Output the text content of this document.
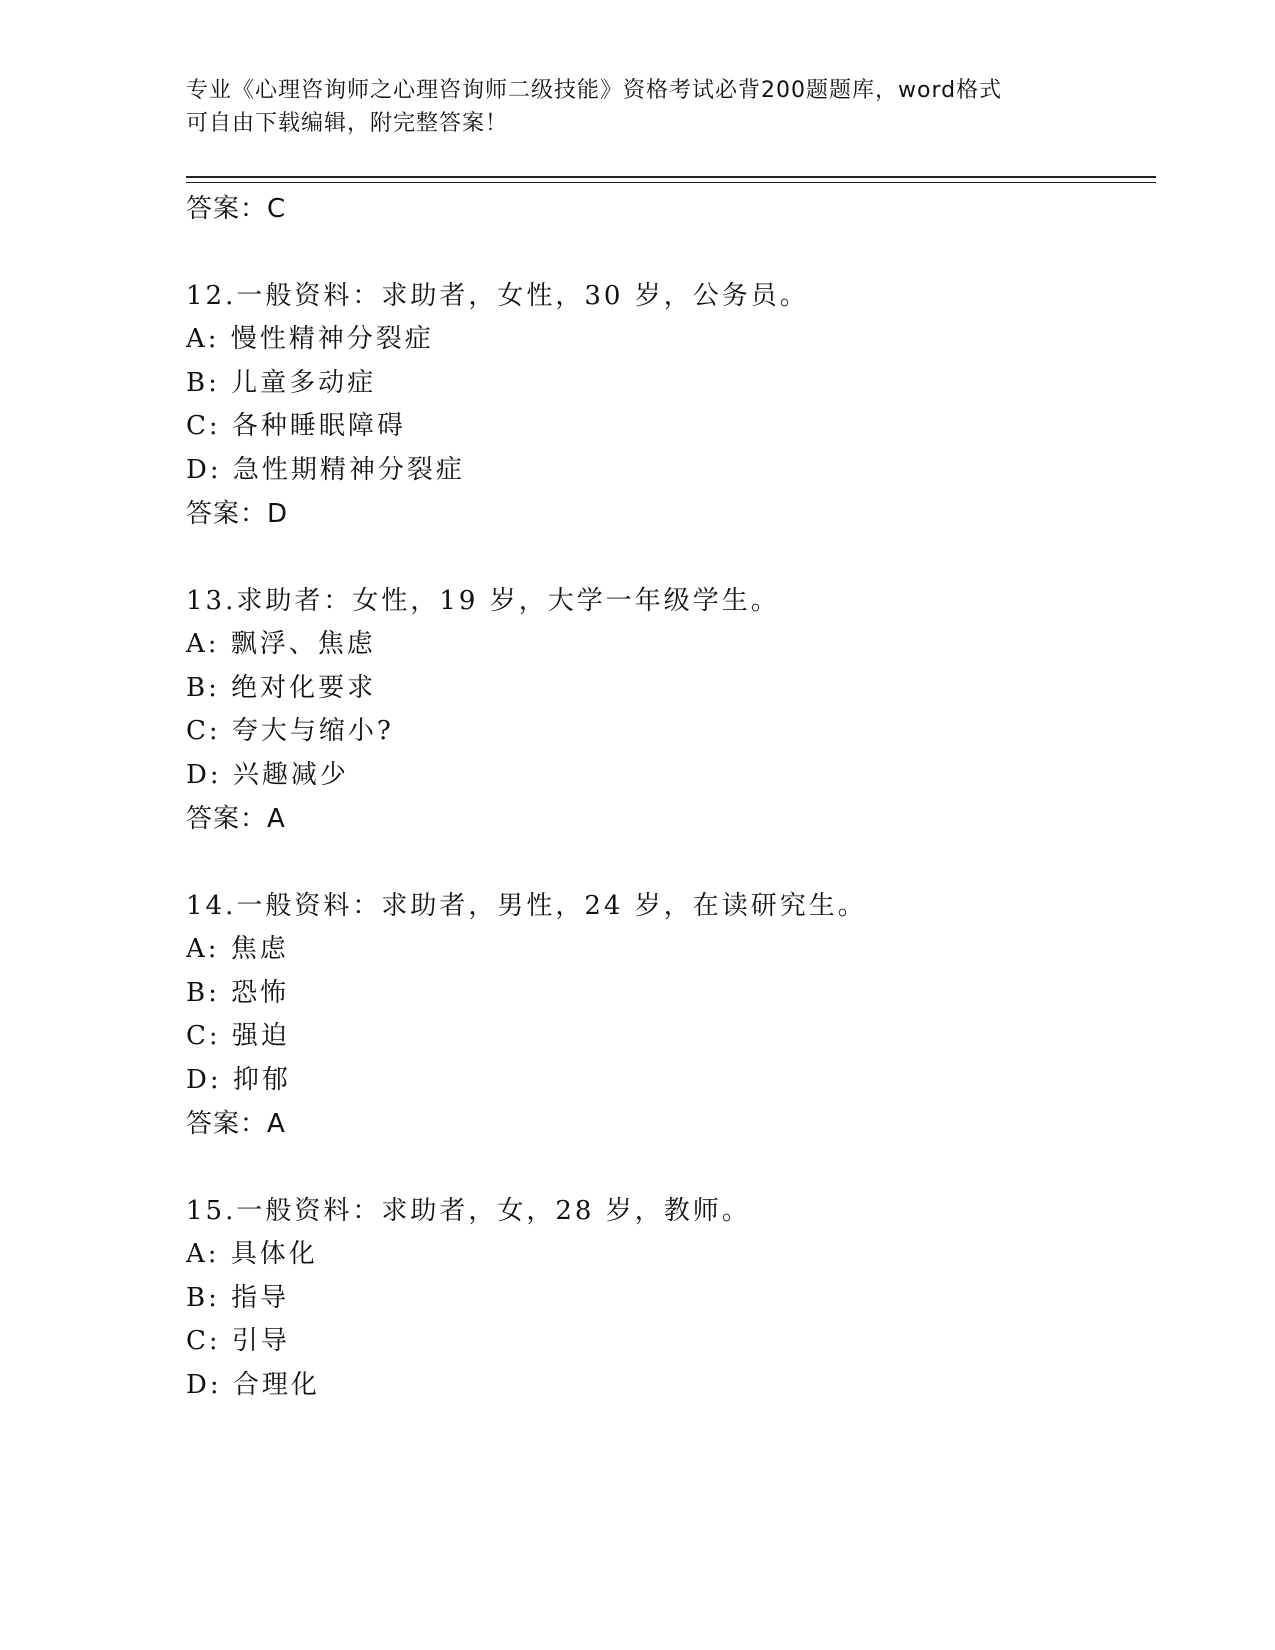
专业《心理咨询师之心理咨询师二级技能》资格考试必背200题题库，word格式
可自由下载编辑，附完整答案！
答案：C
12.一般资料：求助者，女性，30 岁，公务员。
A: 慢性精神分裂症
B: 儿童多动症
C: 各种睡眠障碍
D: 急性期精神分裂症
答案：D
13.求助者：女性，19 岁，大学一年级学生。
A: 飘浮、焦虑
B: 绝对化要求
C: 夸大与缩小?
D: 兴趣减少
答案：A
14.一般资料：求助者，男性，24 岁，在读研究生。
A: 焦虑
B: 恐怖
C: 强迫
D: 抑郁
答案：A
15.一般资料：求助者，女，28 岁，教师。
A: 具体化
B: 指导
C: 引导
D: 合理化
